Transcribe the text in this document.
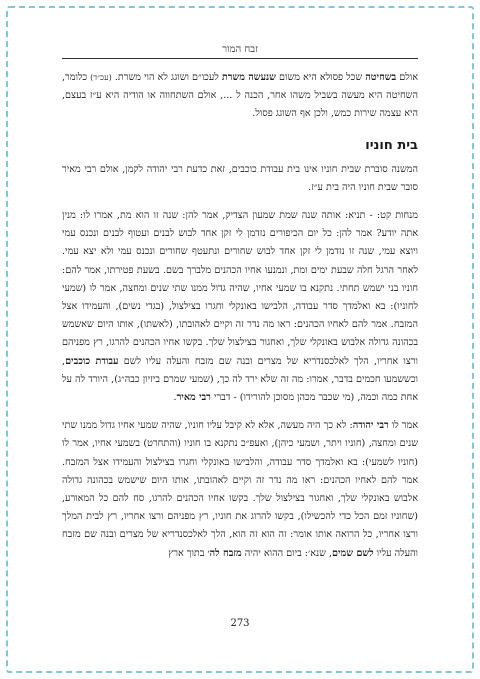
זבח המור

אולם בשחיטה שכל פסולא היא משום שנעשה משרת לעכו״ם ושוגג לא הוי משרת. (עכ״ד) כלומר, השחיטה היא מעשה בשביל משהו אחר, הכנה ל ..., אולם השתחווה או הודיה היא ע״ז בעצם, היא עצמה שירות כמש, ולכן אף השוגג פסול.

בית חוניו

המשנה סוברת שבית חוניו אינו בית עבודת כוכבים, זאת כדעת רבי יהודה לקמן, אולם רבי מאיר סובר שבית חוניו היה בית ע״ז.

מנחות קט: - תניא: אותה שנה שמת שמעון הצדיק, אמר להן: שנה זו הוא מת, אמרו לו: מנין אתה יודע? אמר להן: כל יום הכיפורים נזדמן לי זקן אחד לבוש לבנים ועטוף לבנים ונכנס עמי ויוצא עמי, שנה זו נזדמן לי זקן אחד לבוש שחורים ונתעטף שחורים ונכנס עמי ולא יצא עמי. לאחר הרגל חלה שבעת ימים ומת, ונמנעו אחיו הכהנים מלברך בשם. בשעת פטירתו, אמר להם: חוניו בני ישמש תחתי. נתקנא בו שמעי אחיו, שהיה גדול ממנו שתי שנים ומחצה, אמר לו (שמעי לחוניו): בא ואלמדך סדר עבודה, הלבישו באונקלי וחגרו בצילצול, (בגדי נשים), והעמידו אצל המזבח. אמר להם לאחיו הכהנים: ראו מה נדר זה וקיים לאהובתו, (לאשתו), אותו היום שאשמש בכהונה גדולה אלבוש באונקלי שלך, ואחגור בצילצול שלך. בקשו אחיו הכהנים להרגו, רץ מפניהם ורצו אחריו, הלך לאלכסנדריא של מצרים ובנה שם מזבח והעלה עליו לשם עבודת כוכבים, וכששמעו חכמים בדבר, אמרו: מה זה שלא ירד לה כך, (שמעי שמרם ביזיון כבה״ג), היורד לה על אחת כמה וכמה, (מי שכבר מכהן מסוכן להורידו) - דברי רבי מאיר.

אמר לו רבי יהודה: לא כך היה מעשה, אלא לא קיבל עליו חוניו, שהיה שמעי אחיו גדול ממנו שתי שנים ומחצה, (חוניו ויתר, ושמעי כיהן), ואעפ״כ נתקנא בו חוניו (והתחרט) בשמעי אחיו, אמר לו (חוניו לשמעי): בא ואלמדך סדר עבודה, והלבישו באונקלי וחגרו בצילצול והעמידו אצל המזבח. אמר להם לאחיו הכהנים: ראו מה נדר זה וקיים לאהובתו, אותו היום שישמש בכהונה גדולה אלבוש באונקלי שלך, ואחגור בצילצול שלך. בקשו אחיו הכהנים להרגו, סח להם כל המאורע, (שחוניו זמם הכל כדי להכשילו), בקשו להרוג את חוניו, רץ מפניהם ורצו אחריו, רץ לבית המלך ורצו אחריו, כל הרואה אותו אומר: זה הוא זה הוא, הלך לאלכסנדריא של מצרים ובנה שם מזבח והעלה עליו לשם שמים, שנא׳: ביום ההוא יהיה מזבח לה׳ בתוך ארץ

273
